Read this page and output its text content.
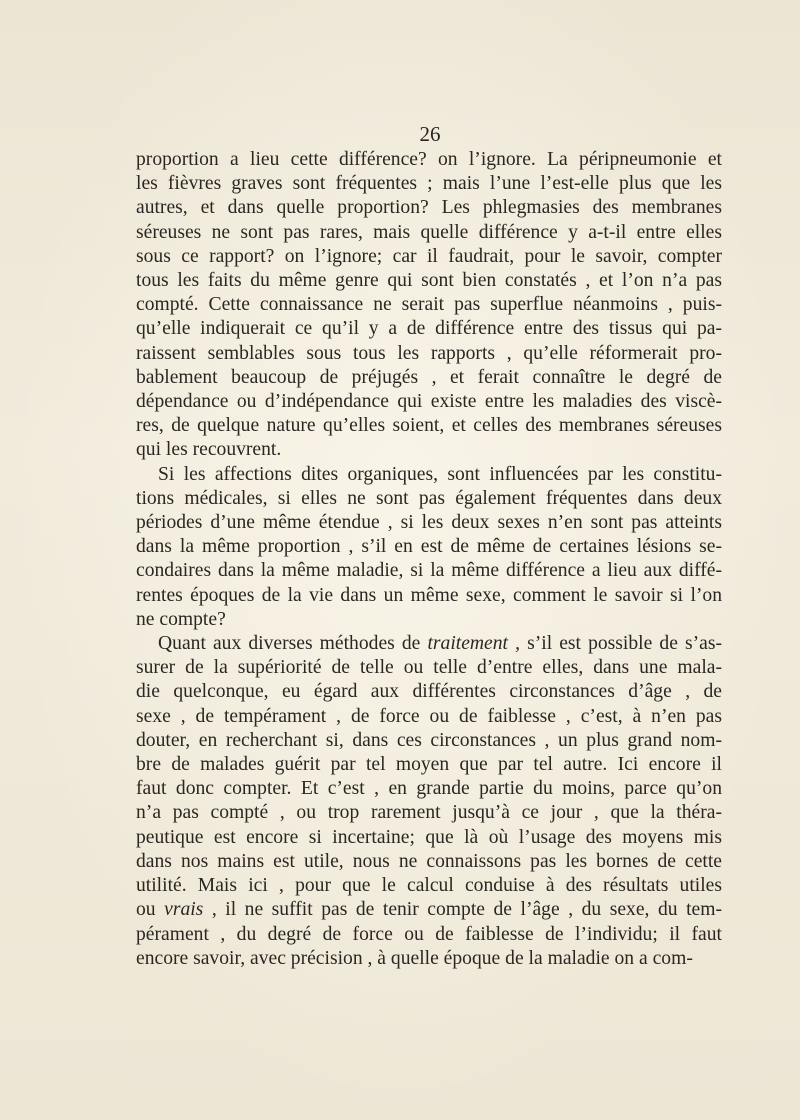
26
proportion a lieu cette différence? on l’ignore. La péripneumonie et
les fièvres graves sont fréquentes ; mais l’une l’est-elle plus que les
autres, et dans quelle proportion? Les phlegmasies des membranes
séreuses ne sont pas rares, mais quelle différence y a-t-il entre elles
sous ce rapport? on l’ignore; car il faudrait, pour le savoir, compter
tous les faits du même genre qui sont bien constatés , et l’on n’a pas
compté. Cette connaissance ne serait pas superflue néanmoins , puis-
qu’elle indiquerait ce qu’il y a de différence entre des tissus qui pa-
raissent semblables sous tous les rapports , qu’elle réformerait pro-
bablement beaucoup de préjugés , et ferait connaître le degré de
dépendance ou d’indépendance qui existe entre les maladies des viscè-
res, de quelque nature qu’elles soient, et celles des membranes séreuses
qui les recouvrent.
Si les affections dites organiques, sont influencées par les constitu-
tions médicales, si elles ne sont pas également fréquentes dans deux
périodes d’une même étendue , si les deux sexes n’en sont pas atteints
dans la même proportion , s’il en est de même de certaines lésions se-
condaires dans la même maladie, si la même différence a lieu aux diffé-
rentes époques de la vie dans un même sexe, comment le savoir si l’on
ne compte?
Quant aux diverses méthodes de traitement , s’il est possible de s’as-
surer de la supériorité de telle ou telle d’entre elles, dans une mala-
die quelconque, eu égard aux différentes circonstances d’âge , de
sexe , de tempérament , de force ou de faiblesse , c’est, à n’en pas
douter, en recherchant si, dans ces circonstances , un plus grand nom-
bre de malades guérit par tel moyen que par tel autre. Ici encore il
faut donc compter. Et c’est , en grande partie du moins, parce qu’on
n’a pas compté , ou trop rarement jusqu’à ce jour , que la théra-
peutique est encore si incertaine; que là où l’usage des moyens mis
dans nos mains est utile, nous ne connaissons pas les bornes de cette
utilité. Mais ici , pour que le calcul conduise à des résultats utiles
ou vrais , il ne suffit pas de tenir compte de l’âge , du sexe, du tem-
pérament , du degré de force ou de faiblesse de l’individu; il faut
encore savoir, avec précision , à quelle époque de la maladie on a com-
